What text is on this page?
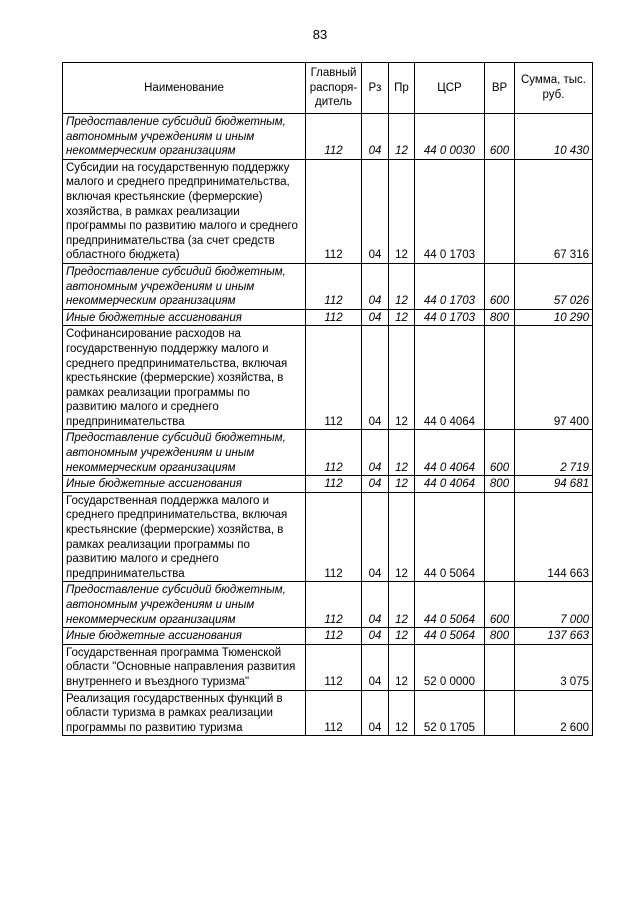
83
Наименование	Главный распоря-дитель	Рз	Пр	ЦСР	ВР	Сумма, тыс. руб.
Предоставление субсидий бюджетным, автономным учреждениям и иным некоммерческим организациям	112	04	12	44 0 0030	600	10 430
Субсидии на государственную поддержку малого и среднего предпринимательства, включая крестьянские (фермерские) хозяйства, в рамках реализации программы по развитию малого и среднего предпринимательства (за счет средств областного бюджета)	112	04	12	44 0 1703		67 316
Предоставление субсидий бюджетным, автономным учреждениям и иным некоммерческим организациям	112	04	12	44 0 1703	600	57 026
Иные бюджетные ассигнования	112	04	12	44 0 1703	800	10 290
Софинансирование расходов на государственную поддержку малого и среднего предпринимательства, включая крестьянские (фермерские) хозяйства, в рамках реализации программы по развитию малого и среднего предпринимательства	112	04	12	44 0 4064		97 400
Предоставление субсидий бюджетным, автономным учреждениям и иным некоммерческим организациям	112	04	12	44 0 4064	600	2 719
Иные бюджетные ассигнования	112	04	12	44 0 4064	800	94 681
Государственная поддержка малого и среднего предпринимательства, включая крестьянские (фермерские) хозяйства, в рамках реализации программы по развитию малого и среднего предпринимательства	112	04	12	44 0 5064		144 663
Предоставление субсидий бюджетным, автономным учреждениям и иным некоммерческим организациям	112	04	12	44 0 5064	600	7 000
Иные бюджетные ассигнования	112	04	12	44 0 5064	800	137 663
Государственная программа Тюменской области "Основные направления развития внутреннего и въездного туризма"	112	04	12	52 0 0000		3 075
Реализация государственных функций в области туризма в рамках реализации программы по развитию туризма	112	04	12	52 0 1705		2 600
